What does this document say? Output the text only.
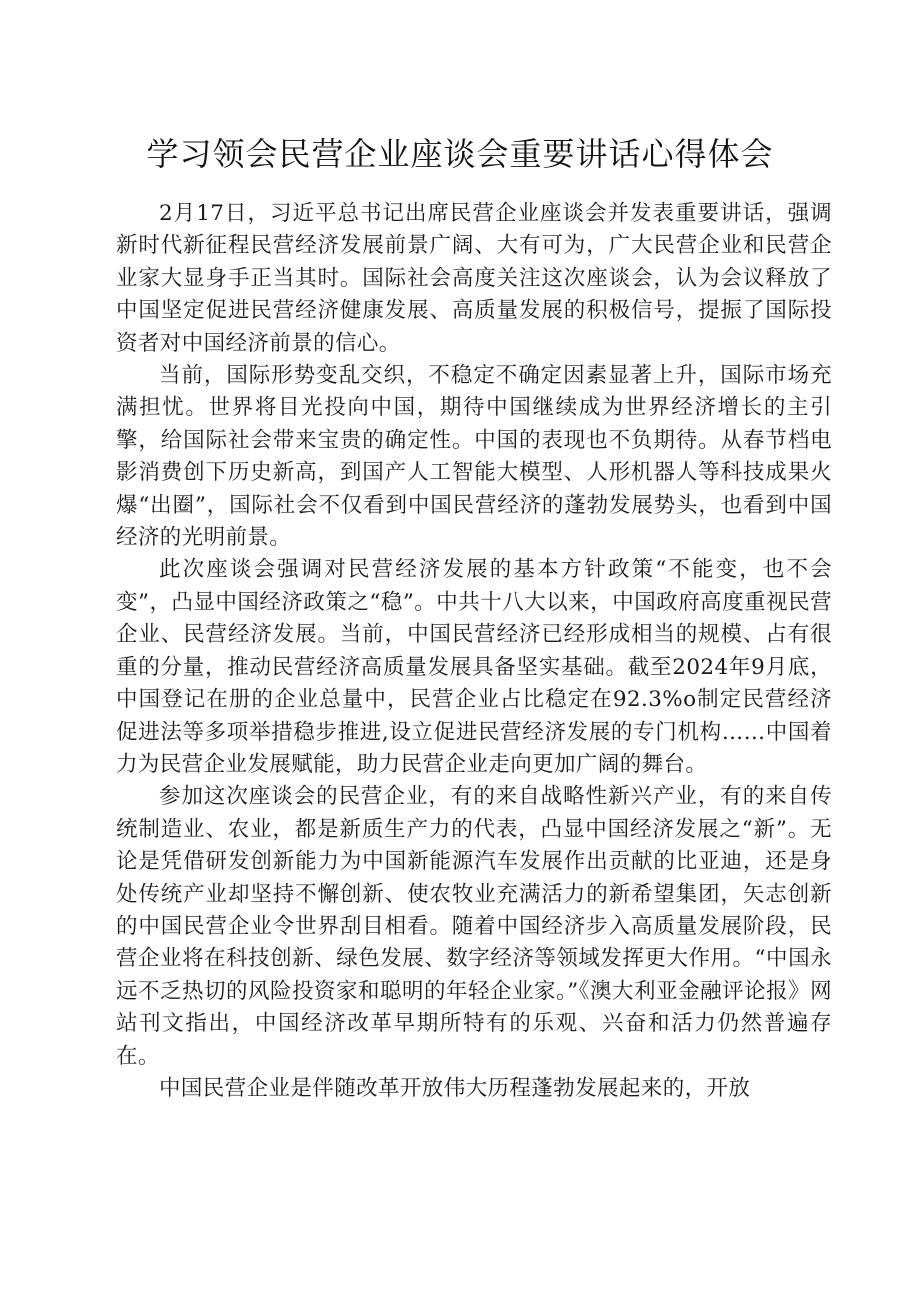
学习领会民营企业座谈会重要讲话心得体会

2月17日，习近平总书记出席民营企业座谈会并发表重要讲话，强调新时代新征程民营经济发展前景广阔、大有可为，广大民营企业和民营企业家大显身手正当其时。国际社会高度关注这次座谈会，认为会议释放了中国坚定促进民营经济健康发展、高质量发展的积极信号，提振了国际投资者对中国经济前景的信心。

当前，国际形势变乱交织，不稳定不确定因素显著上升，国际市场充满担忧。世界将目光投向中国，期待中国继续成为世界经济增长的主引擎，给国际社会带来宝贵的确定性。中国的表现也不负期待。从春节档电影消费创下历史新高，到国产人工智能大模型、人形机器人等科技成果火爆“出圈”，国际社会不仅看到中国民营经济的蓬勃发展势头，也看到中国经济的光明前景。

此次座谈会强调对民营经济发展的基本方针政策“不能变，也不会变”，凸显中国经济政策之“稳”。中共十八大以来，中国政府高度重视民营企业、民营经济发展。当前，中国民营经济已经形成相当的规模、占有很重的分量，推动民营经济高质量发展具备坚实基础。截至2024年9月底，中国登记在册的企业总量中，民营企业占比稳定在92.3%o制定民营经济促进法等多项举措稳步推进,设立促进民营经济发展的专门机构……中国着力为民营企业发展赋能，助力民营企业走向更加广阔的舞台。

参加这次座谈会的民营企业，有的来自战略性新兴产业，有的来自传统制造业、农业，都是新质生产力的代表，凸显中国经济发展之“新”。无论是凭借研发创新能力为中国新能源汽车发展作出贡献的比亚迪，还是身处传统产业却坚持不懈创新、使农牧业充满活力的新希望集团，矢志创新的中国民营企业令世界刮目相看。随着中国经济步入高质量发展阶段，民营企业将在科技创新、绿色发展、数字经济等领域发挥更大作用。“中国永远不乏热切的风险投资家和聪明的年轻企业家。”《澳大利亚金融评论报》网站刊文指出，中国经济改革早期所特有的乐观、兴奋和活力仍然普遍存在。

中国民营企业是伴随改革开放伟大历程蓬勃发展起来的，开放
